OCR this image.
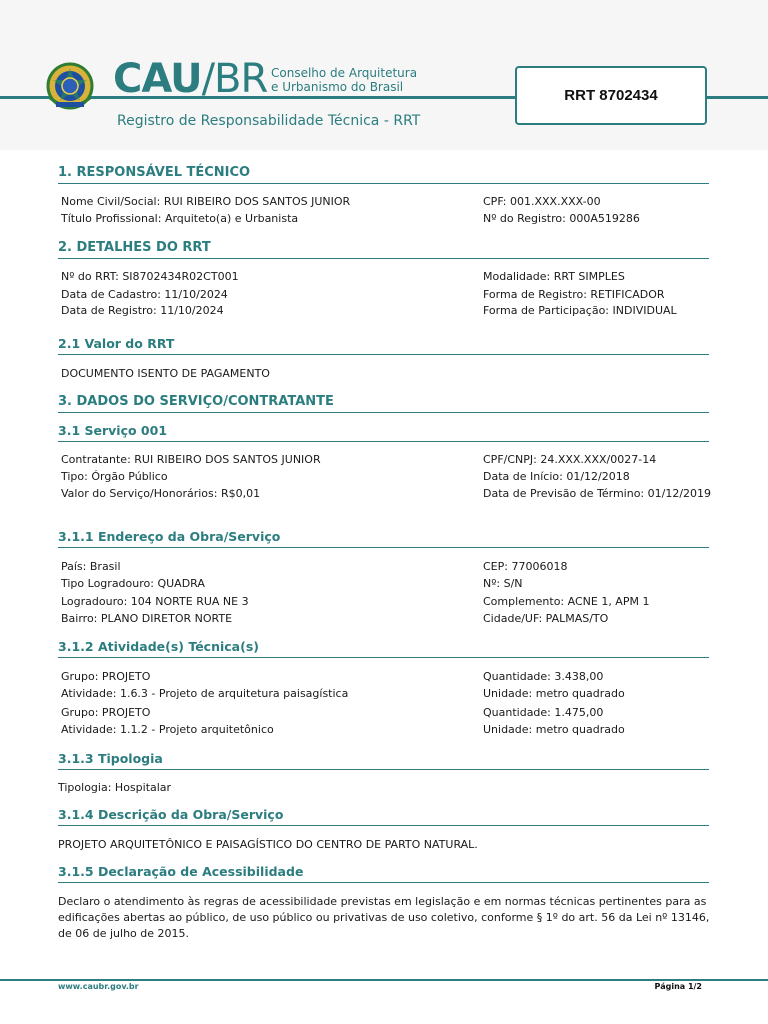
CAU/BR Conselho de Arquitetura
e Urbanismo do Brasil
Registro de Responsabilidade Técnica - RRT
RRT 8702434
1. RESPONSÁVEL TÉCNICO
Nome Civil/Social: RUI RIBEIRO DOS SANTOS JUNIOR
Título Profissional: Arquiteto(a) e Urbanista
CPF: 001.XXX.XXX-00
Nº do Registro: 000A519286
2. DETALHES DO RRT
Nº do RRT: SI8702434R02CT001
Data de Cadastro: 11/10/2024
Data de Registro: 11/10/2024
Modalidade: RRT SIMPLES
Forma de Registro: RETIFICADOR
Forma de Participação: INDIVIDUAL
2.1 Valor do RRT
DOCUMENTO ISENTO DE PAGAMENTO
3. DADOS DO SERVIÇO/CONTRATANTE
3.1 Serviço 001
Contratante: RUI RIBEIRO DOS SANTOS JUNIOR
Tipo: Órgão Público
Valor do Serviço/Honorários: R$0,01
CPF/CNPJ: 24.XXX.XXX/0027-14
Data de Início: 01/12/2018
Data de Previsão de Término: 01/12/2019
3.1.1 Endereço da Obra/Serviço
País: Brasil
Tipo Logradouro: QUADRA
Logradouro: 104 NORTE RUA NE 3
Bairro: PLANO DIRETOR NORTE
CEP: 77006018
Nº: S/N
Complemento: ACNE 1, APM 1
Cidade/UF: PALMAS/TO
3.1.2 Atividade(s) Técnica(s)
Grupo: PROJETO
Atividade: 1.6.3 - Projeto de arquitetura paisagística
Grupo: PROJETO
Atividade: 1.1.2 - Projeto arquitetônico
Quantidade: 3.438,00
Unidade: metro quadrado
Quantidade: 1.475,00
Unidade: metro quadrado
3.1.3 Tipologia
Tipologia: Hospitalar
3.1.4 Descrição da Obra/Serviço
PROJETO ARQUITETÔNICO E PAISAGÍSTICO DO CENTRO DE PARTO NATURAL.
3.1.5 Declaração de Acessibilidade
Declaro o atendimento às regras de acessibilidade previstas em legislação e em normas técnicas pertinentes para as edificações abertas ao público, de uso público ou privativas de uso coletivo, conforme § 1º do art. 56 da Lei nº 13146, de 06 de julho de 2015.
www.caubr.gov.br	Página 1/2
